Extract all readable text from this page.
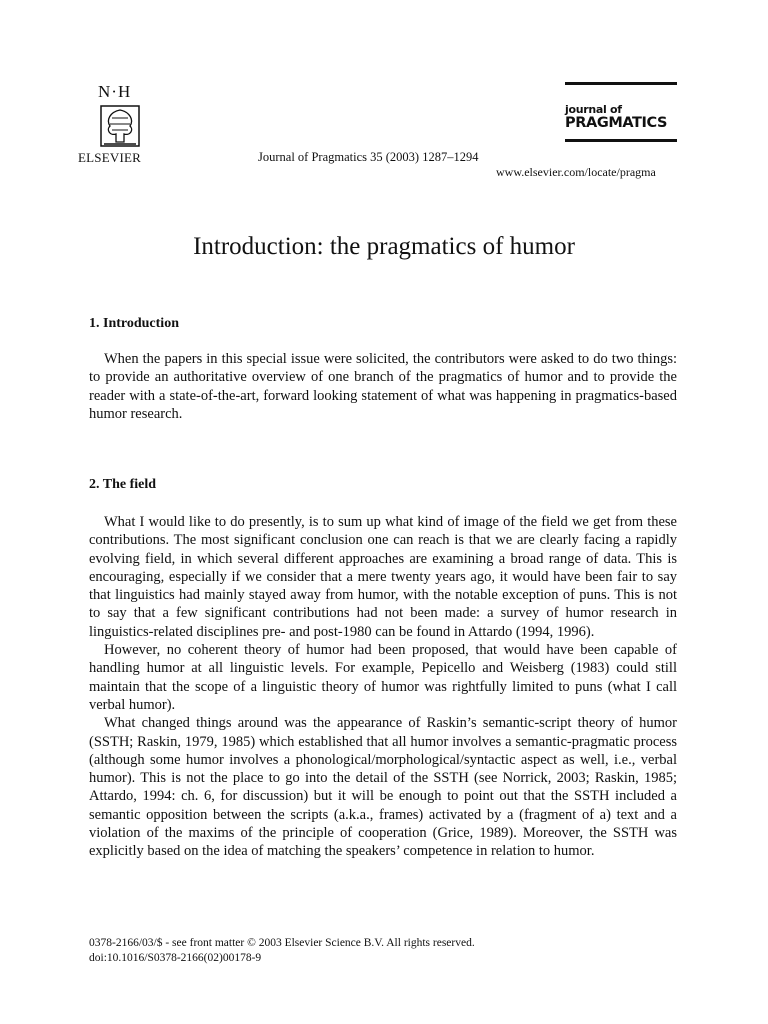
N·H
ELSEVIER	Journal of Pragmatics 35 (2003) 1287–1294
journal of
PRAGMATICS
www.elsevier.com/locate/pragma
Introduction: the pragmatics of humor
1. Introduction

When the papers in this special issue were solicited, the contributors were asked to do two things: to provide an authoritative overview of one branch of the pragmatics of humor and to provide the reader with a state-of-the-art, forward looking statement of what was happening in pragmatics-based humor research.

2. The field

What I would like to do presently, is to sum up what kind of image of the field we get from these contributions. The most significant conclusion one can reach is that we are clearly facing a rapidly evolving field, in which several different approaches are examining a broad range of data. This is encouraging, especially if we consider that a mere twenty years ago, it would have been fair to say that linguistics had mainly stayed away from humor, with the notable exception of puns. This is not to say that a few significant contributions had not been made: a survey of humor research in linguistics-related disciplines pre- and post-1980 can be found in Attardo (1994, 1996).

However, no coherent theory of humor had been proposed, that would have been capable of handling humor at all linguistic levels. For example, Pepicello and Weisberg (1983) could still maintain that the scope of a linguistic theory of humor was rightfully limited to puns (what I call verbal humor).

What changed things around was the appearance of Raskin’s semantic-script theory of humor (SSTH; Raskin, 1979, 1985) which established that all humor involves a semantic-pragmatic process (although some humor involves a phonological/morphological/syntactic aspect as well, i.e., verbal humor). This is not the place to go into the detail of the SSTH (see Norrick, 2003; Raskin, 1985; Attardo, 1994: ch. 6, for discussion) but it will be enough to point out that the SSTH included a semantic opposition between the scripts (a.k.a., frames) activated by a (fragment of a) text and a violation of the maxims of the principle of cooperation (Grice, 1989). Moreover, the SSTH was explicitly based on the idea of matching the speakers’ competence in relation to humor.

0378-2166/03/$ - see front matter © 2003 Elsevier Science B.V. All rights reserved.
doi:10.1016/S0378-2166(02)00178-9
